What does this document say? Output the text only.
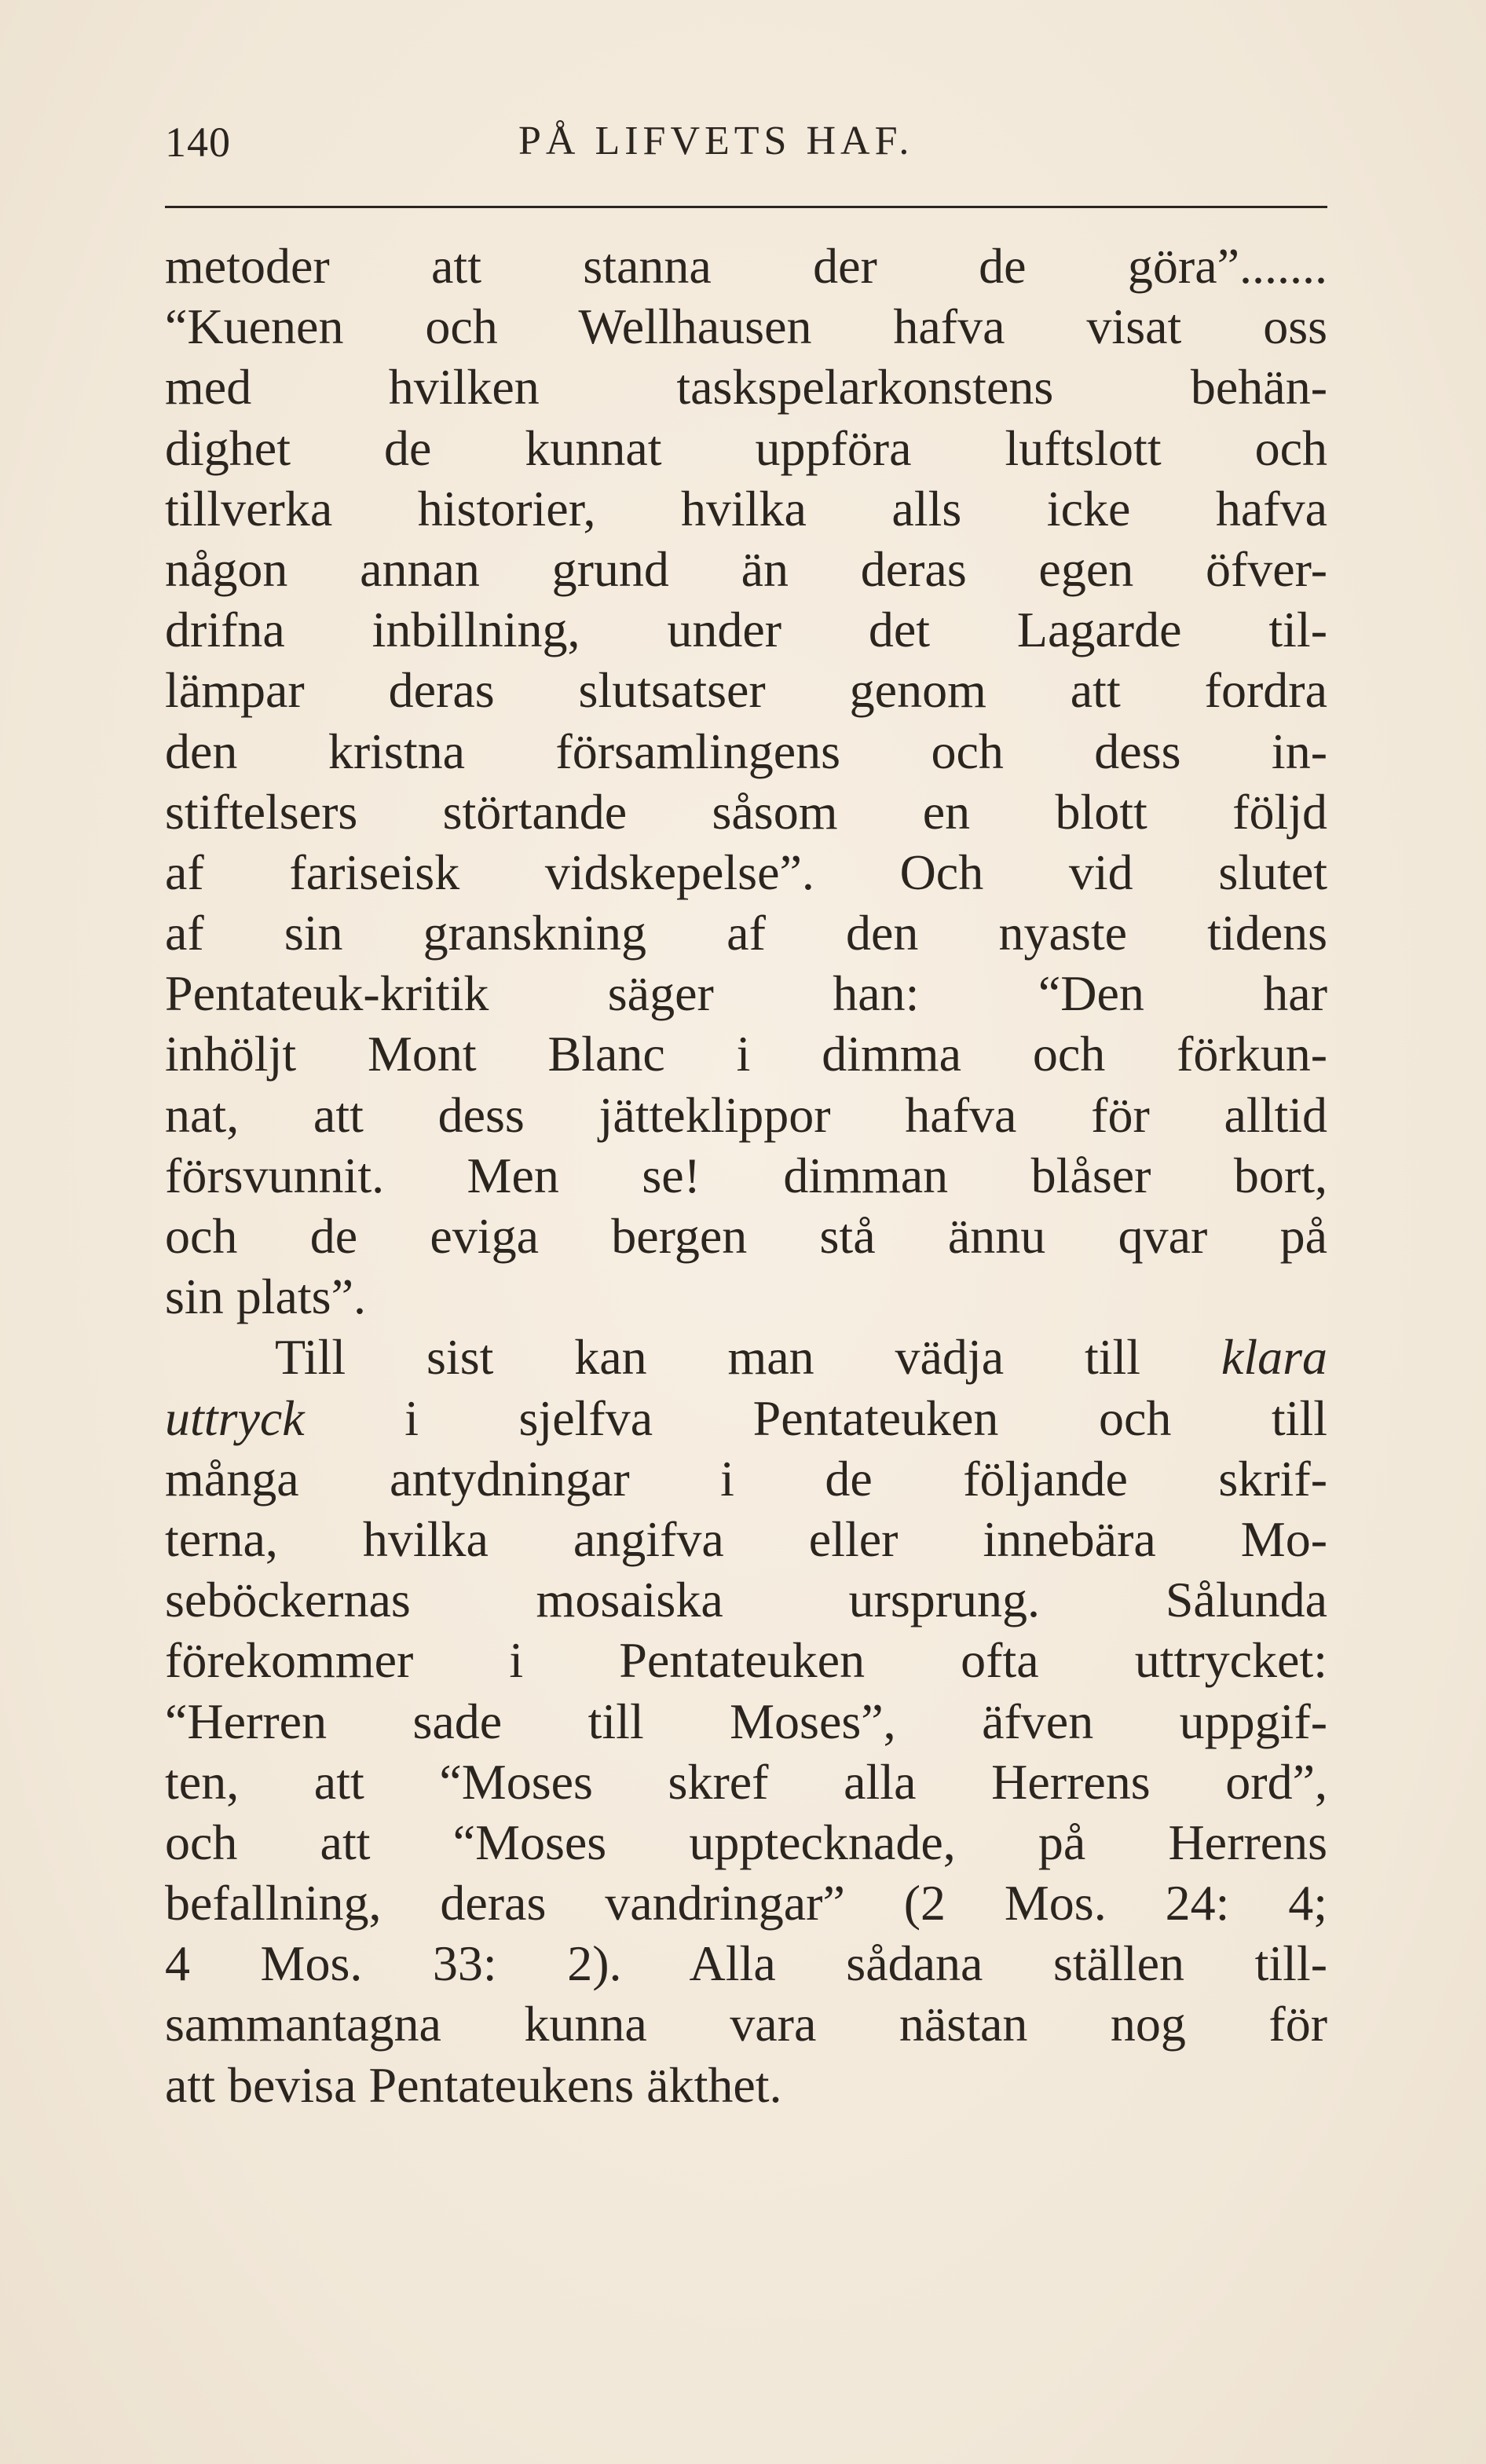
140	PÅ LIFVETS HAF.
metoder att stanna der de göra”.......
“Kuenen och Wellhausen hafva visat oss
med hvilken taskspelarkonstens behän-
dighet de kunnat uppföra luftslott och
tillverka historier, hvilka alls icke hafva
någon annan grund än deras egen öfver-
drifna inbillning, under det Lagarde til-
lämpar deras slutsatser genom att fordra
den kristna församlingens och dess in-
stiftelsers störtande såsom en blott följd
af fariseisk vidskepelse”. Och vid slutet
af sin granskning af den nyaste tidens
Pentateuk-kritik säger han: “Den har
inhöljt Mont Blanc i dimma och förkun-
nat, att dess jätteklippor hafva för alltid
försvunnit. Men se! dimman blåser bort,
och de eviga bergen stå ännu qvar på
sin plats”.
Till sist kan man vädja till klara
uttryck i sjelfva Pentateuken och till
många antydningar i de följande skrif-
terna, hvilka angifva eller innebära Mo-
seböckernas mosaiska ursprung. Sålunda
förekommer i Pentateuken ofta uttrycket:
“Herren sade till Moses”, äfven uppgif-
ten, att “Moses skref alla Herrens ord”,
och att “Moses upptecknade, på Herrens
befallning, deras vandringar” (2 Mos. 24: 4;
4 Mos. 33: 2). Alla sådana ställen till-
sammantagna kunna vara nästan nog för
att bevisa Pentateukens äkthet.
